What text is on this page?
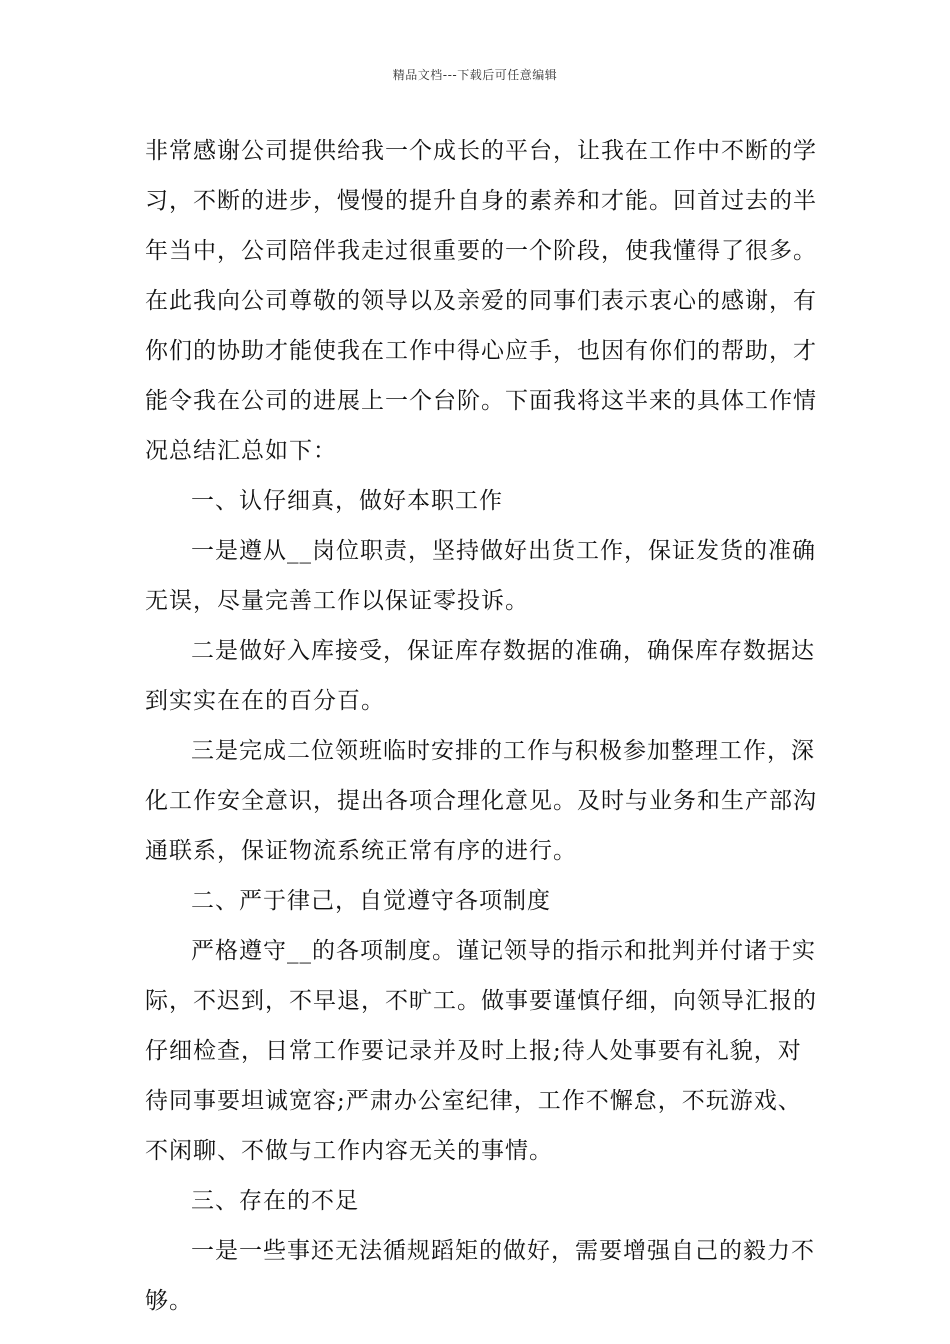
精品文档---下载后可任意编辑

非常感谢公司提供给我一个成长的平台，让我在工作中不断的学习，不断的进步，慢慢的提升自身的素养和才能。回首过去的半年当中，公司陪伴我走过很重要的一个阶段，使我懂得了很多。在此我向公司尊敬的领导以及亲爱的同事们表示衷心的感谢，有你们的协助才能使我在工作中得心应手，也因有你们的帮助，才能令我在公司的进展上一个台阶。下面我将这半来的具体工作情况总结汇总如下：

一、认仔细真，做好本职工作

一是遵从__岗位职责，坚持做好出货工作，保证发货的准确无误，尽量完善工作以保证零投诉。

二是做好入库接受，保证库存数据的准确，确保库存数据达到实实在在的百分百。

三是完成二位领班临时安排的工作与积极参加整理工作，深化工作安全意识，提出各项合理化意见。及时与业务和生产部沟通联系，保证物流系统正常有序的进行。

二、严于律己，自觉遵守各项制度

严格遵守__的各项制度。谨记领导的指示和批判并付诸于实际，不迟到，不早退，不旷工。做事要谨慎仔细，向领导汇报的仔细检查，日常工作要记录并及时上报;待人处事要有礼貌，对待同事要坦诚宽容;严肃办公室纪律，工作不懈怠，不玩游戏、不闲聊、不做与工作内容无关的事情。

三、存在的不足

一是一些事还无法循规蹈矩的做好，需要增强自己的毅力不够。
